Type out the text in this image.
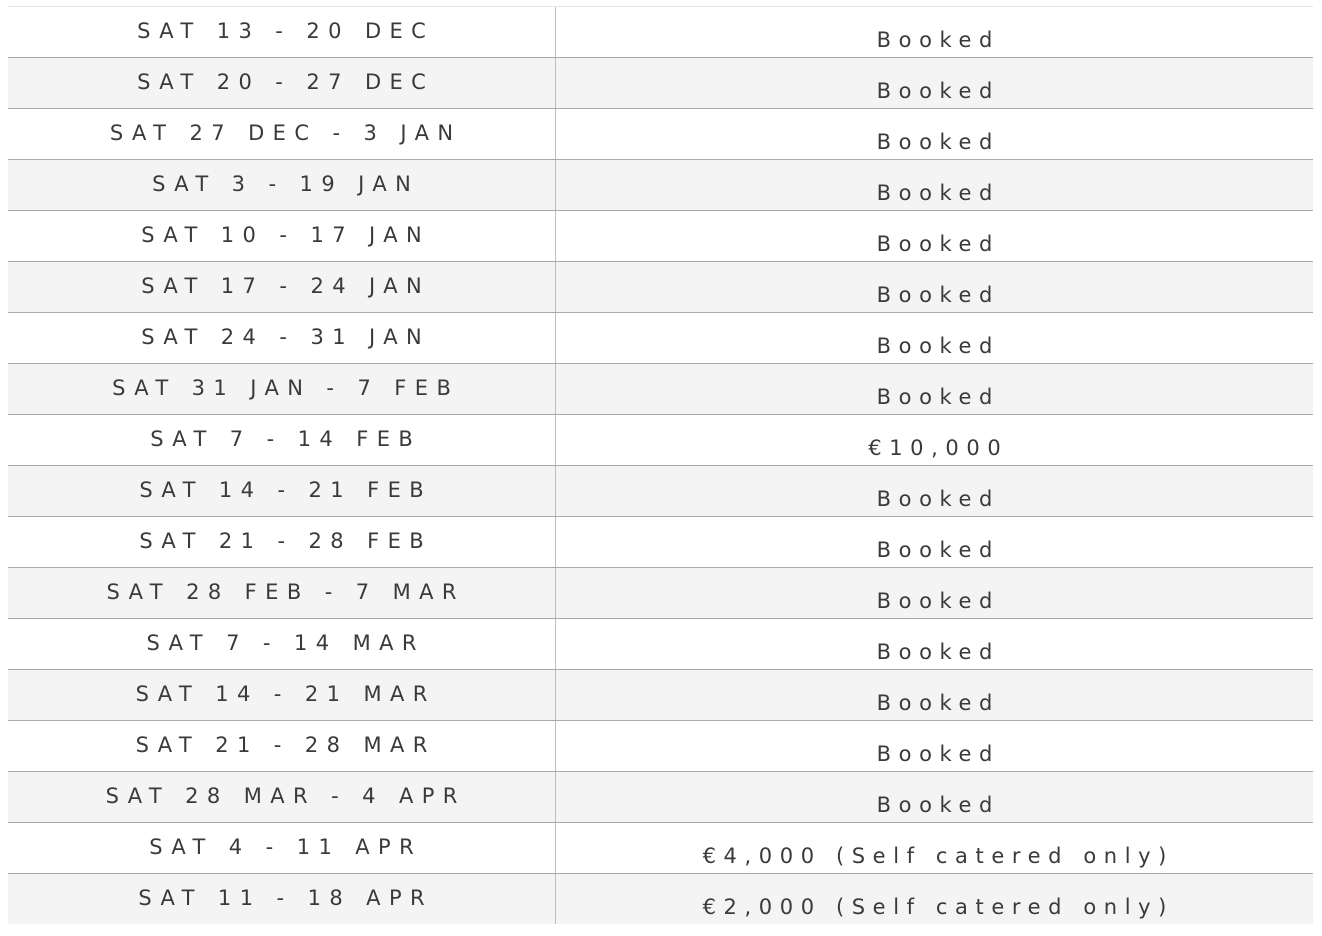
SAT 13 - 20 DEC	Booked
SAT 20 - 27 DEC	Booked
SAT 27 DEC - 3 JAN	Booked
SAT 3 - 19 JAN	Booked
SAT 10 - 17 JAN	Booked
SAT 17 - 24 JAN	Booked
SAT 24 - 31 JAN	Booked
SAT 31 JAN - 7 FEB	Booked
SAT 7 - 14 FEB	€10,000
SAT 14 - 21 FEB	Booked
SAT 21 - 28 FEB	Booked
SAT 28 FEB - 7 MAR	Booked
SAT 7 - 14 MAR	Booked
SAT 14 - 21 MAR	Booked
SAT 21 - 28 MAR	Booked
SAT 28 MAR - 4 APR	Booked
SAT 4 - 11 APR	€4,000 (Self catered only)
SAT 11 - 18 APR	€2,000 (Self catered only)
